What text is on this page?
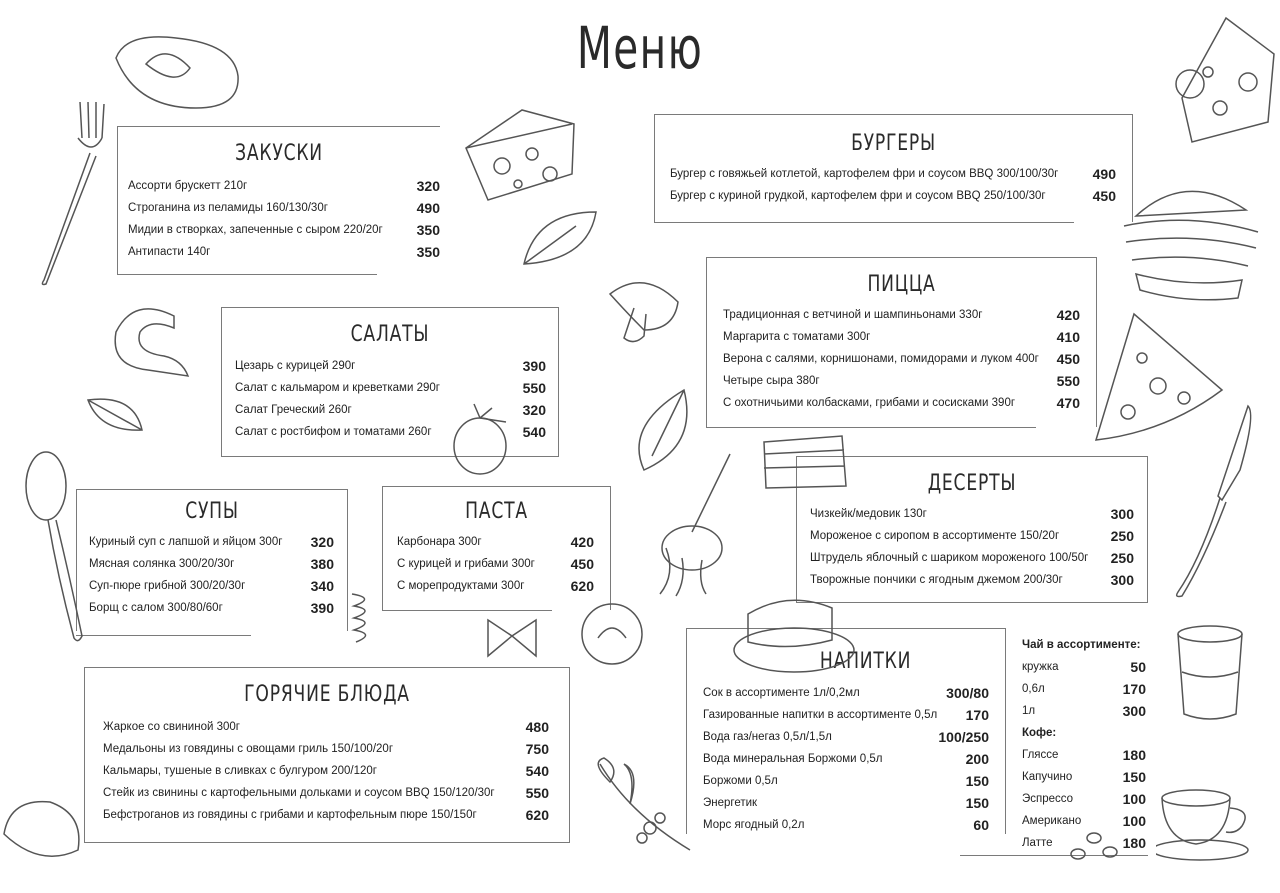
Меню
ЗАКУСКИ
Ассорти брускетт 210г	320
Строганина из пеламиды 160/130/30г	490
Мидии в створках, запеченные с сыром 220/20г 350
Антипасти 140г	350
САЛАТЫ
Цезарь с курицей 290г	390
Салат с кальмаром и креветками 290г	550
Салат Греческий 260г	320
Салат с ростбифом и томатами 260г	540
СУПЫ
Куриный суп с лапшой и яйцом 300г 320
Мясная солянка 300/20/30г	380
Суп-пюре грибной 300/20/30г	340
Борщ с салом 300/80/60г	390
ПАСТА
Карбонара 300г	420
С курицей и грибами 300г	450
С морепродуктами 300г	620
ГОРЯЧИЕ БЛЮДА
Жаркое со свининой 300г	480
Медальоны из говядины с овощами гриль 150/100/20г	750
Кальмары, тушеные в сливках с булгуром 200/120г	540
Стейк из свинины с картофельными дольками и соусом BBQ 150/120/30г 550
Бефстроганов из говядины с грибами и картофельным пюре 150/150г	620
БУРГЕРЫ
Бургер с говяжьей котлетой, картофелем фри и соусом BBQ 300/100/30г 490
Бургер с куриной грудкой, картофелем фри и соусом BBQ 250/100/30г	450
ПИЦЦА
Традиционная с ветчиной и шампиньонами 330г	420
Маргарита с томатами 300г	410
Верона с салями, корнишонами, помидорами и луком 400г 450
Четыре сыра 380г	550
С охотничьими колбасками, грибами и сосисками 390г	470
ДЕСЕРТЫ
Чизкейк/медовик 130г	300
Мороженое с сиропом в ассортименте 150/20г	250
Штрудель яблочный с шариком мороженого 100/50г 250
Творожные пончики с ягодным джемом 200/30г	300
НАПИТКИ
Сок в ассортименте 1л/0,2мл	300/80
Газированные напитки в ассортименте 0,5л 170
Вода газ/негаз 0,5л/1,5л	100/250
Вода минеральная Боржоми 0,5л	200
Боржоми 0,5л	150
Энергетик	150
Морс ягодный 0,2л	60
Чай в ассортименте:
кружка	50
0,6л	170
1л	300
Кофе:
Гляссе	180
Капучино	150
Эспрессо	100
Американо	100
Латте	180
